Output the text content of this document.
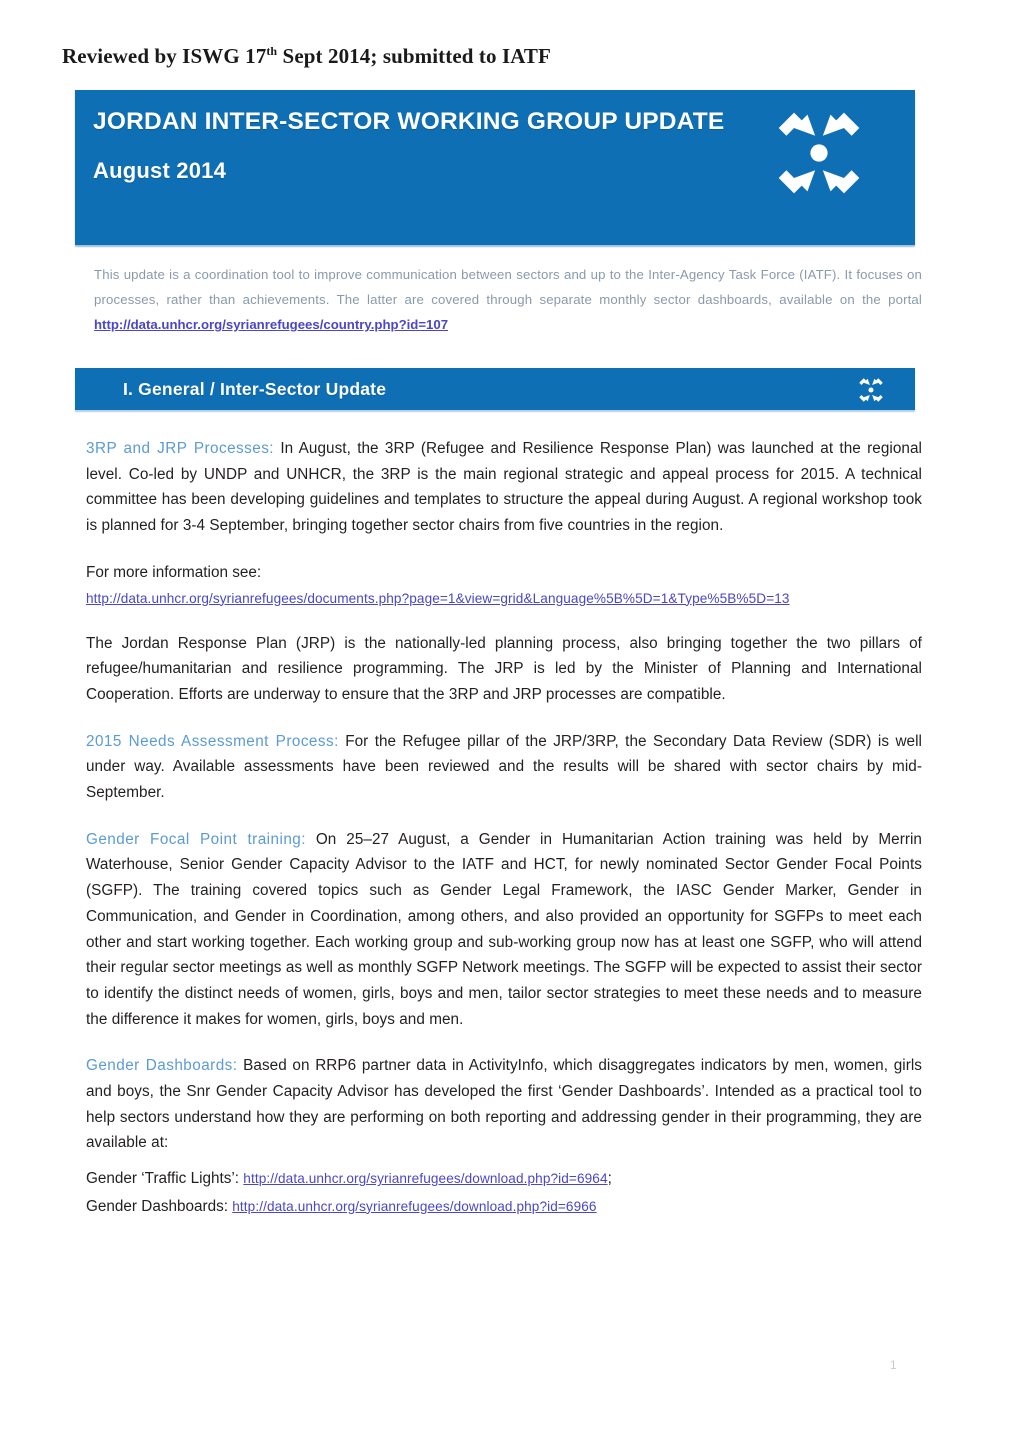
Reviewed by ISWG 17th Sept 2014; submitted to IATF
JORDAN INTER-SECTOR WORKING GROUP UPDATE
August 2014
This update is a coordination tool to improve communication between sectors and up to the Inter-Agency Task Force (IATF). It focuses on processes, rather than achievements. The latter are covered through separate monthly sector dashboards, available on the portal http://data.unhcr.org/syrianrefugees/country.php?id=107
I. General / Inter-Sector Update

3RP and JRP Processes: In August, the 3RP (Refugee and Resilience Response Plan) was launched at the regional level. Co-led by UNDP and UNHCR, the 3RP is the main regional strategic and appeal process for 2015. A technical committee has been developing guidelines and templates to structure the appeal during August. A regional workshop took is planned for 3-4 September, bringing together sector chairs from five countries in the region.

For more information see:

http://data.unhcr.org/syrianrefugees/documents.php?page=1&view=grid&Language%5B%5D=1&Type%5B%5D=13

The Jordan Response Plan (JRP) is the nationally-led planning process, also bringing together the two pillars of refugee/humanitarian and resilience programming. The JRP is led by the Minister of Planning and International Cooperation. Efforts are underway to ensure that the 3RP and JRP processes are compatible.

2015 Needs Assessment Process: For the Refugee pillar of the JRP/3RP, the Secondary Data Review (SDR) is well under way. Available assessments have been reviewed and the results will be shared with sector chairs by mid-September.

Gender Focal Point training: On 25–27 August, a Gender in Humanitarian Action training was held by Merrin Waterhouse, Senior Gender Capacity Advisor to the IATF and HCT, for newly nominated Sector Gender Focal Points (SGFP). The training covered topics such as Gender Legal Framework, the IASC Gender Marker, Gender in Communication, and Gender in Coordination, among others, and also provided an opportunity for SGFPs to meet each other and start working together. Each working group and sub-working group now has at least one SGFP, who will attend their regular sector meetings as well as monthly SGFP Network meetings. The SGFP will be expected to assist their sector to identify the distinct needs of women, girls, boys and men, tailor sector strategies to meet these needs and to measure the difference it makes for women, girls, boys and men.

Gender Dashboards: Based on RRP6 partner data in ActivityInfo, which disaggregates indicators by men, women, girls and boys, the Snr Gender Capacity Advisor has developed the first ‘Gender Dashboards’. Intended as a practical tool to help sectors understand how they are performing on both reporting and addressing gender in their programming, they are available at:

Gender ‘Traffic Lights’: http://data.unhcr.org/syrianrefugees/download.php?id=6964;

Gender Dashboards: http://data.unhcr.org/syrianrefugees/download.php?id=6966

1
